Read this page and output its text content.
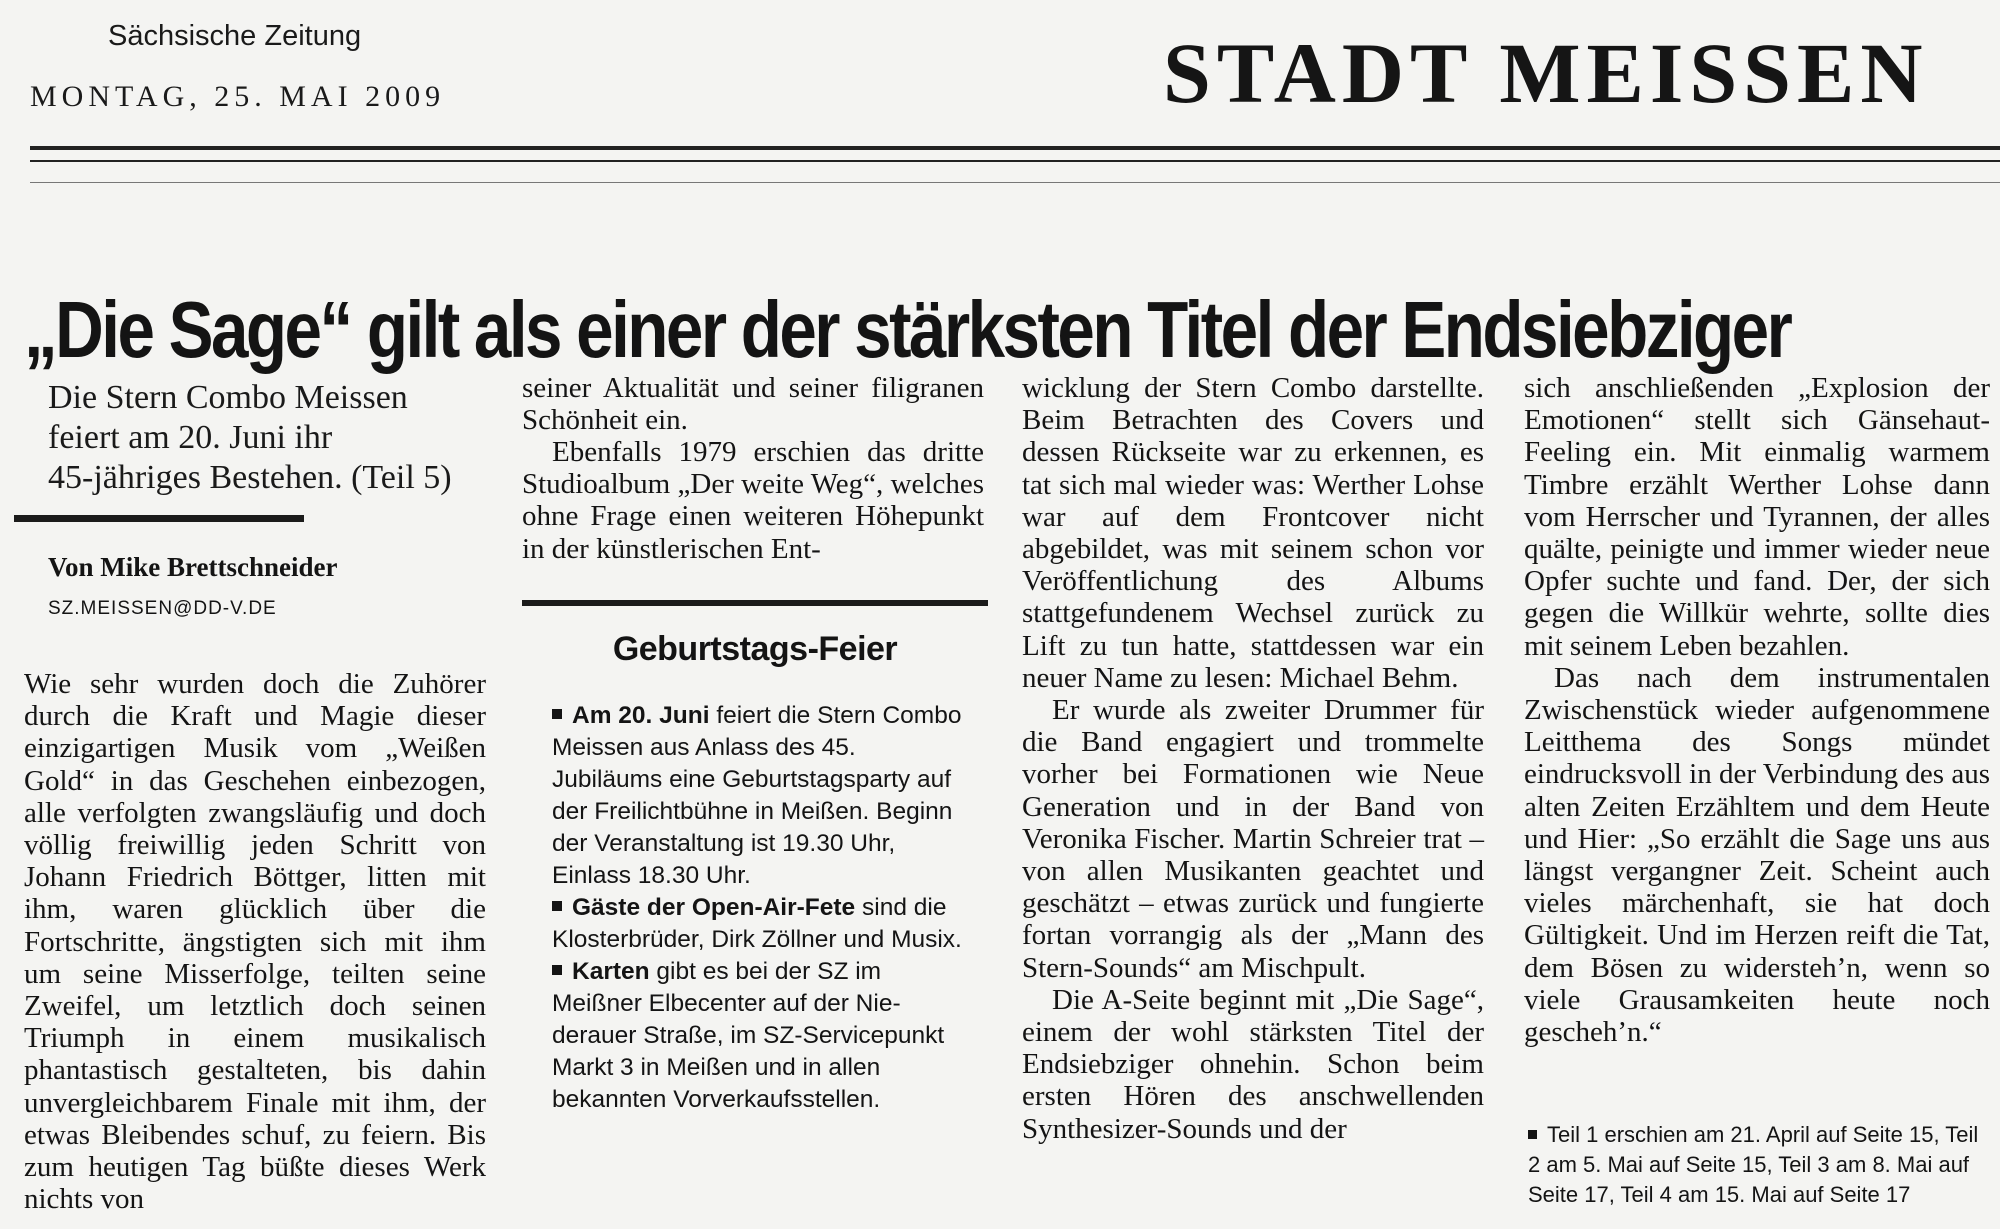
Sächsische Zeitung
MONTAG, 25. MAI 2009	STADT MEISSEN
„Die Sage“ gilt als einer der stärksten Titel der Endsiebziger
Die Stern Combo Meissen
feiert am 20. Juni ihr
45-jähriges Bestehen. (Teil 5)
Von Mike Brettschneider
SZ.MEISSEN@DD-V.DE

Wie sehr wurden doch die Zuhörer durch die Kraft und Magie dieser einzigartigen Musik vom „Weißen Gold“ in das Geschehen einbezogen, alle verfolgten zwangsläufig und doch völlig freiwillig jeden Schritt von Johann Friedrich Böttger, litten mit ihm, waren glücklich über die Fortschritte, ängstigten sich mit ihm um seine Misserfolge, teilten seine Zweifel, um letztlich doch seinen Triumph in einem musikalisch phantastisch gestalteten, bis dahin unvergleichbarem Finale mit ihm, der etwas Bleibendes schuf, zu feiern. Bis zum heutigen Tag büßte dieses Werk nichts von

seiner Aktualität und seiner filigranen Schönheit ein.

Ebenfalls 1979 erschien das dritte Studioalbum „Der weite Weg“, welches ohne Frage einen weiteren Höhepunkt in der künstlerischen Ent-

Geburtstags-Feier

Am 20. Juni feiert die Stern Combo Meissen aus Anlass des 45. Jubiläums eine Geburtstagsparty auf der Freilichtbühne in Meißen. Beginn der Veranstaltung ist 19.30 Uhr, Einlass 18.30 Uhr.

Gäste der Open-Air-Fete sind die Klosterbrüder, Dirk Zöllner und Musix.

Karten gibt es bei der SZ im Meißner Elbecenter auf der Niederauer Straße, im SZ-Servicepunkt Markt 3 in Meißen und in allen bekannten Vorverkaufsstellen.

wicklung der Stern Combo darstellte. Beim Betrachten des Covers und dessen Rückseite war zu erkennen, es tat sich mal wieder was: Werther Lohse war auf dem Frontcover nicht abgebildet, was mit seinem schon vor Veröffentlichung des Albums stattgefundenem Wechsel zurück zu Lift zu tun hatte, stattdessen war ein neuer Name zu lesen: Michael Behm.

Er wurde als zweiter Drummer für die Band engagiert und trommelte vorher bei Formationen wie Neue Generation und in der Band von Veronika Fischer. Martin Schreier trat – von allen Musikanten geachtet und geschätzt – etwas zurück und fungierte fortan vorrangig als der „Mann des Stern-Sounds“ am Mischpult.

Die A-Seite beginnt mit „Die Sage“, einem der wohl stärksten Titel der Endsiebziger ohnehin. Schon beim ersten Hören des anschwellenden Synthesizer-Sounds und der

sich anschließenden „Explosion der Emotionen“ stellt sich Gänsehaut-Feeling ein. Mit einmalig warmem Timbre erzählt Werther Lohse dann vom Herrscher und Tyrannen, der alles quälte, peinigte und immer wieder neue Opfer suchte und fand. Der, der sich gegen die Willkür wehrte, sollte dies mit seinem Leben bezahlen.

Das nach dem instrumentalen Zwischenstück wieder aufgenommene Leitthema des Songs mündet eindrucksvoll in der Verbindung des aus alten Zeiten Erzähltem und dem Heute und Hier: „So erzählt die Sage uns aus längst vergangner Zeit. Scheint auch vieles märchenhaft, sie hat doch Gültigkeit. Und im Herzen reift die Tat, dem Bösen zu widersteh’n, wenn so viele Grausamkeiten heute noch gescheh’n.“

Teil 1 erschien am 21. April auf Seite 15, Teil 2 am 5. Mai auf Seite 15, Teil 3 am 8. Mai auf Seite 17, Teil 4 am 15. Mai auf Seite 17
